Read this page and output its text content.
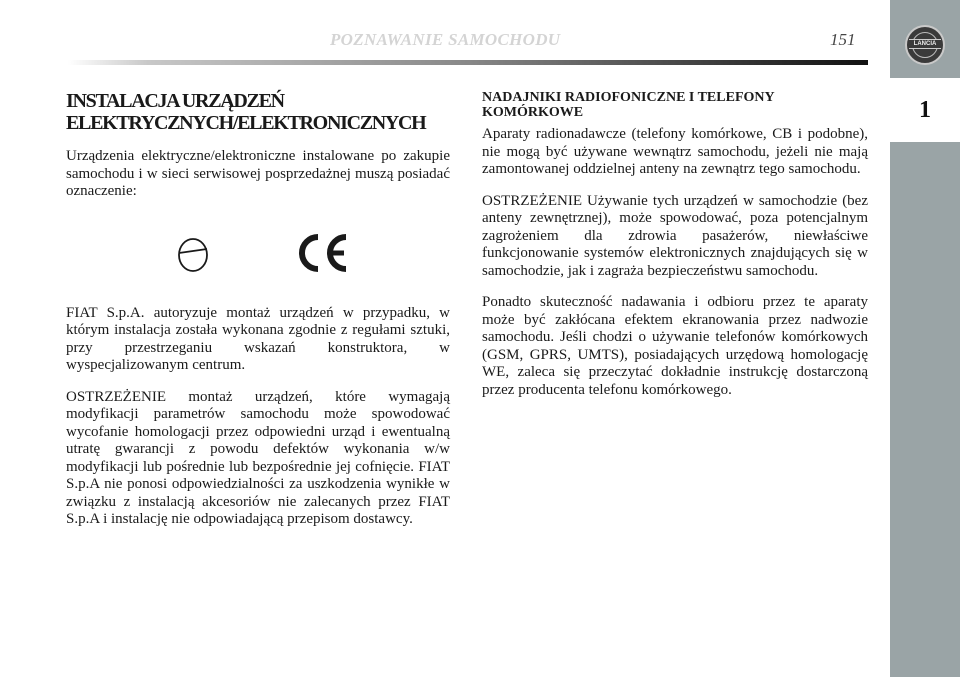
POZNAWANIE SAMOCHODU	151	LANCIA
1
INSTALACJA URZĄDZEŃ ELEKTRYCZNYCH/ELEKTRONICZNYCH

Urządzenia elektryczne/elektroniczne instalowane po zakupie samochodu i w sieci serwisowej posprzedażnej muszą posiadać oznaczenie:

FIAT S.p.A. autoryzuje montaż urządzeń w przypadku, w którym instalacja została wykonana zgodnie z regułami sztuki, przy przestrzeganiu wskazań konstruktora, w wyspecjalizowanym centrum.

OSTRZEŻENIE montaż urządzeń, które wymagają modyfikacji parametrów samochodu może spowodować wycofanie homologacji przez odpowiedni urząd i ewentualną utratę gwarancji z powodu defektów wykonania w/w modyfikacji lub pośrednie lub bezpośrednie jej cofnięcie. FIAT S.p.A nie ponosi odpowiedzialności za uszkodzenia wynikłe w związku z instalacją akcesoriów nie zalecanych przez FIAT S.p.A i instalację nie odpowiadającą przepisom dostawcy.

NADAJNIKI RADIOFONICZNE I TELEFONY KOMÓRKOWE

Aparaty radionadawcze (telefony komórkowe, CB i podobne), nie mogą być używane wewnątrz samochodu, jeżeli nie mają zamontowanej oddzielnej anteny na zewnątrz tego samochodu.

OSTRZEŻENIE Używanie tych urządzeń w samochodzie (bez anteny zewnętrznej), może spowodować, poza potencjalnym zagrożeniem dla zdrowia pasażerów, niewłaściwe funkcjonowanie systemów elektronicznych znajdujących się w samochodzie, jak i zagraża bezpieczeństwu samochodu.

Ponadto skuteczność nadawania i odbioru przez te aparaty może być zakłócana efektem ekranowania przez nadwozie samochodu. Jeśli chodzi o używanie telefonów komórkowych (GSM, GPRS, UMTS), posiadających urzędową homologację WE, zaleca się przeczytać dokładnie instrukcję dostarczoną przez producenta telefonu komórkowego.
